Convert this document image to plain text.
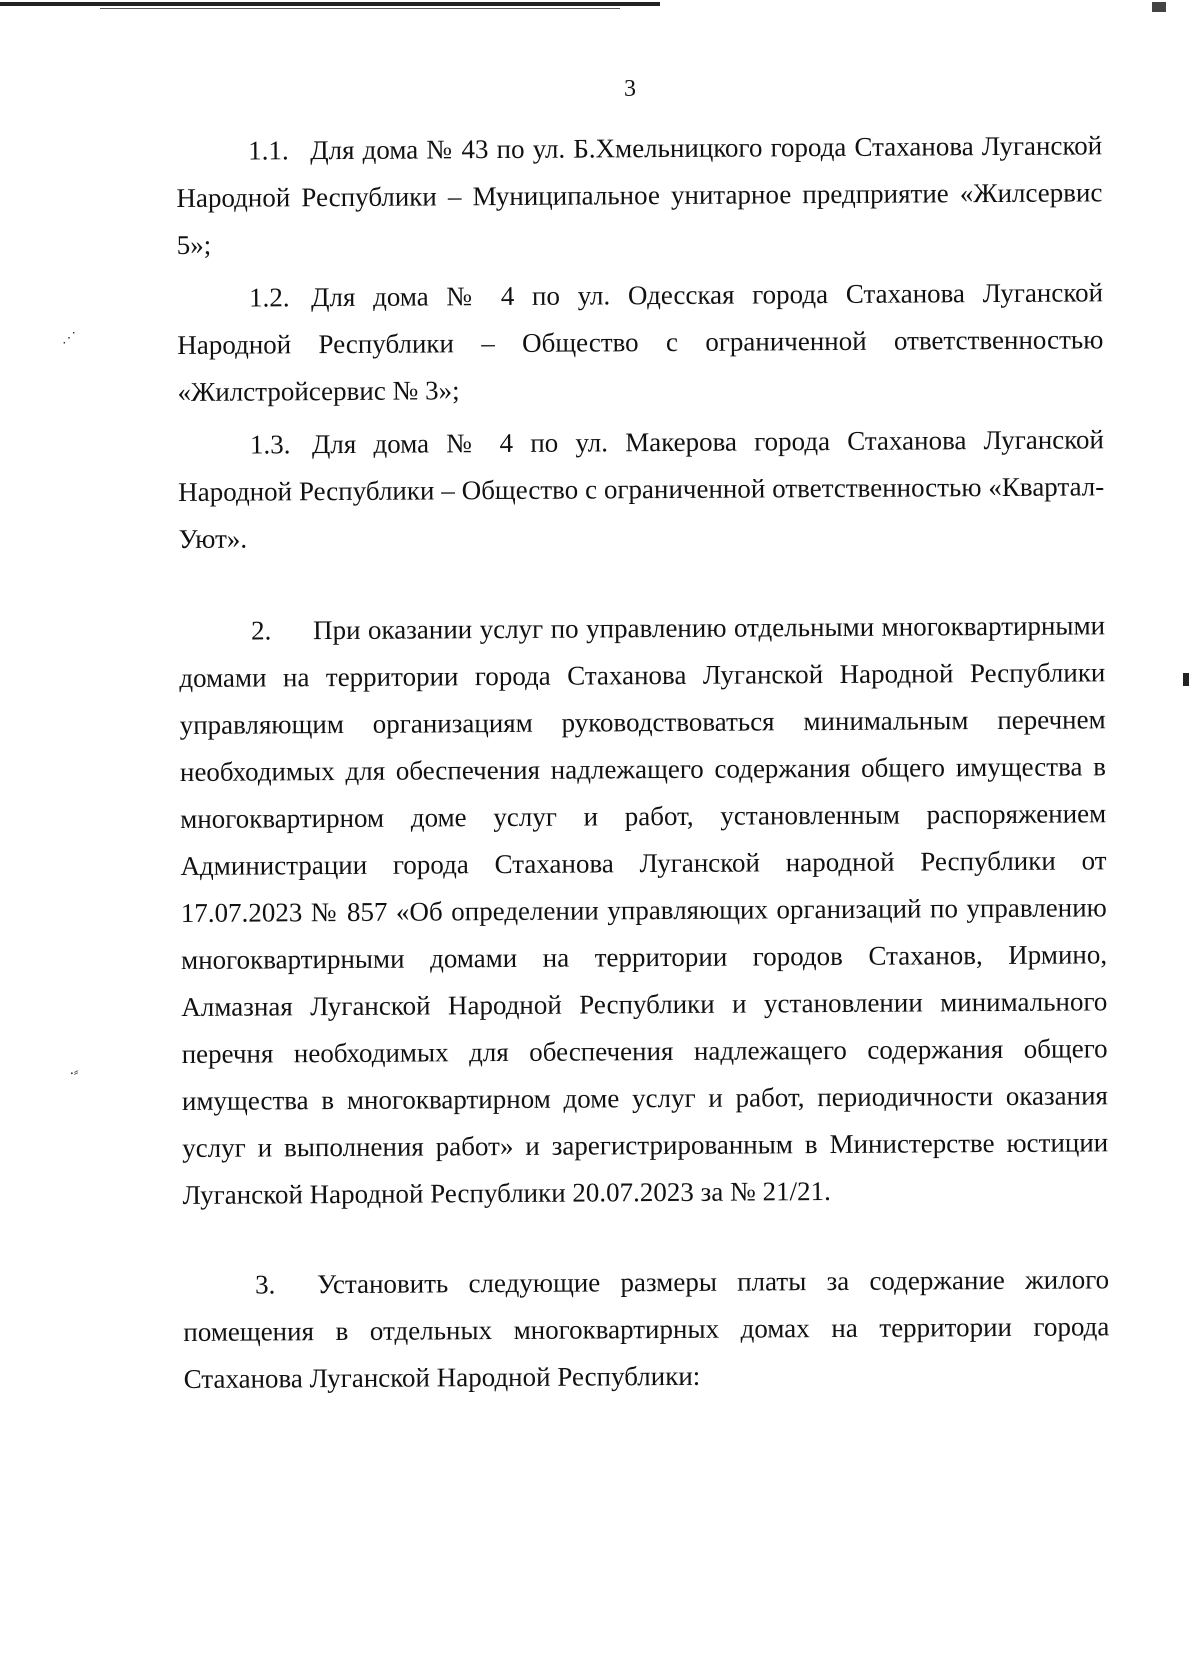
3

1.1. Для дома № 43 по ул. Б.Хмельницкого города Стаханова Луганской Народной Республики – Муниципальное унитарное предприятие «Жилсервис 5»;

1.2. Для дома № 4 по ул. Одесская города Стаханова Луганской Народной Республики – Общество с ограниченной ответственностью «Жилстройсервис № 3»;

1.3. Для дома № 4 по ул. Макерова города Стаханова Луганской Народной Республики – Общество с ограниченной ответственностью «Квартал-Уют».

2. При оказании услуг по управлению отдельными многоквартирными домами на территории города Стаханова Луганской Народной Республики управляющим организациям руководствоваться минимальным перечнем необходимых для обеспечения надлежащего содержания общего имущества в многоквартирном доме услуг и работ, установленным распоряжением Администрации города Стаханова Луганской народной Республики от 17.07.2023 № 857 «Об определении управляющих организаций по управлению многоквартирными домами на территории городов Стаханов, Ирмино, Алмазная Луганской Народной Республики и установлении минимального перечня необходимых для обеспечения надлежащего содержания общего имущества в многоквартирном доме услуг и работ, периодичности оказания услуг и выполнения работ» и зарегистрированным в Министерстве юстиции Луганской Народной Республики 20.07.2023 за № 21/21.

3. Установить следующие размеры платы за содержание жилого помещения в отдельных многоквартирных домах на территории города Стаханова Луганской Народной Республики:

⋰
⸳⸗
